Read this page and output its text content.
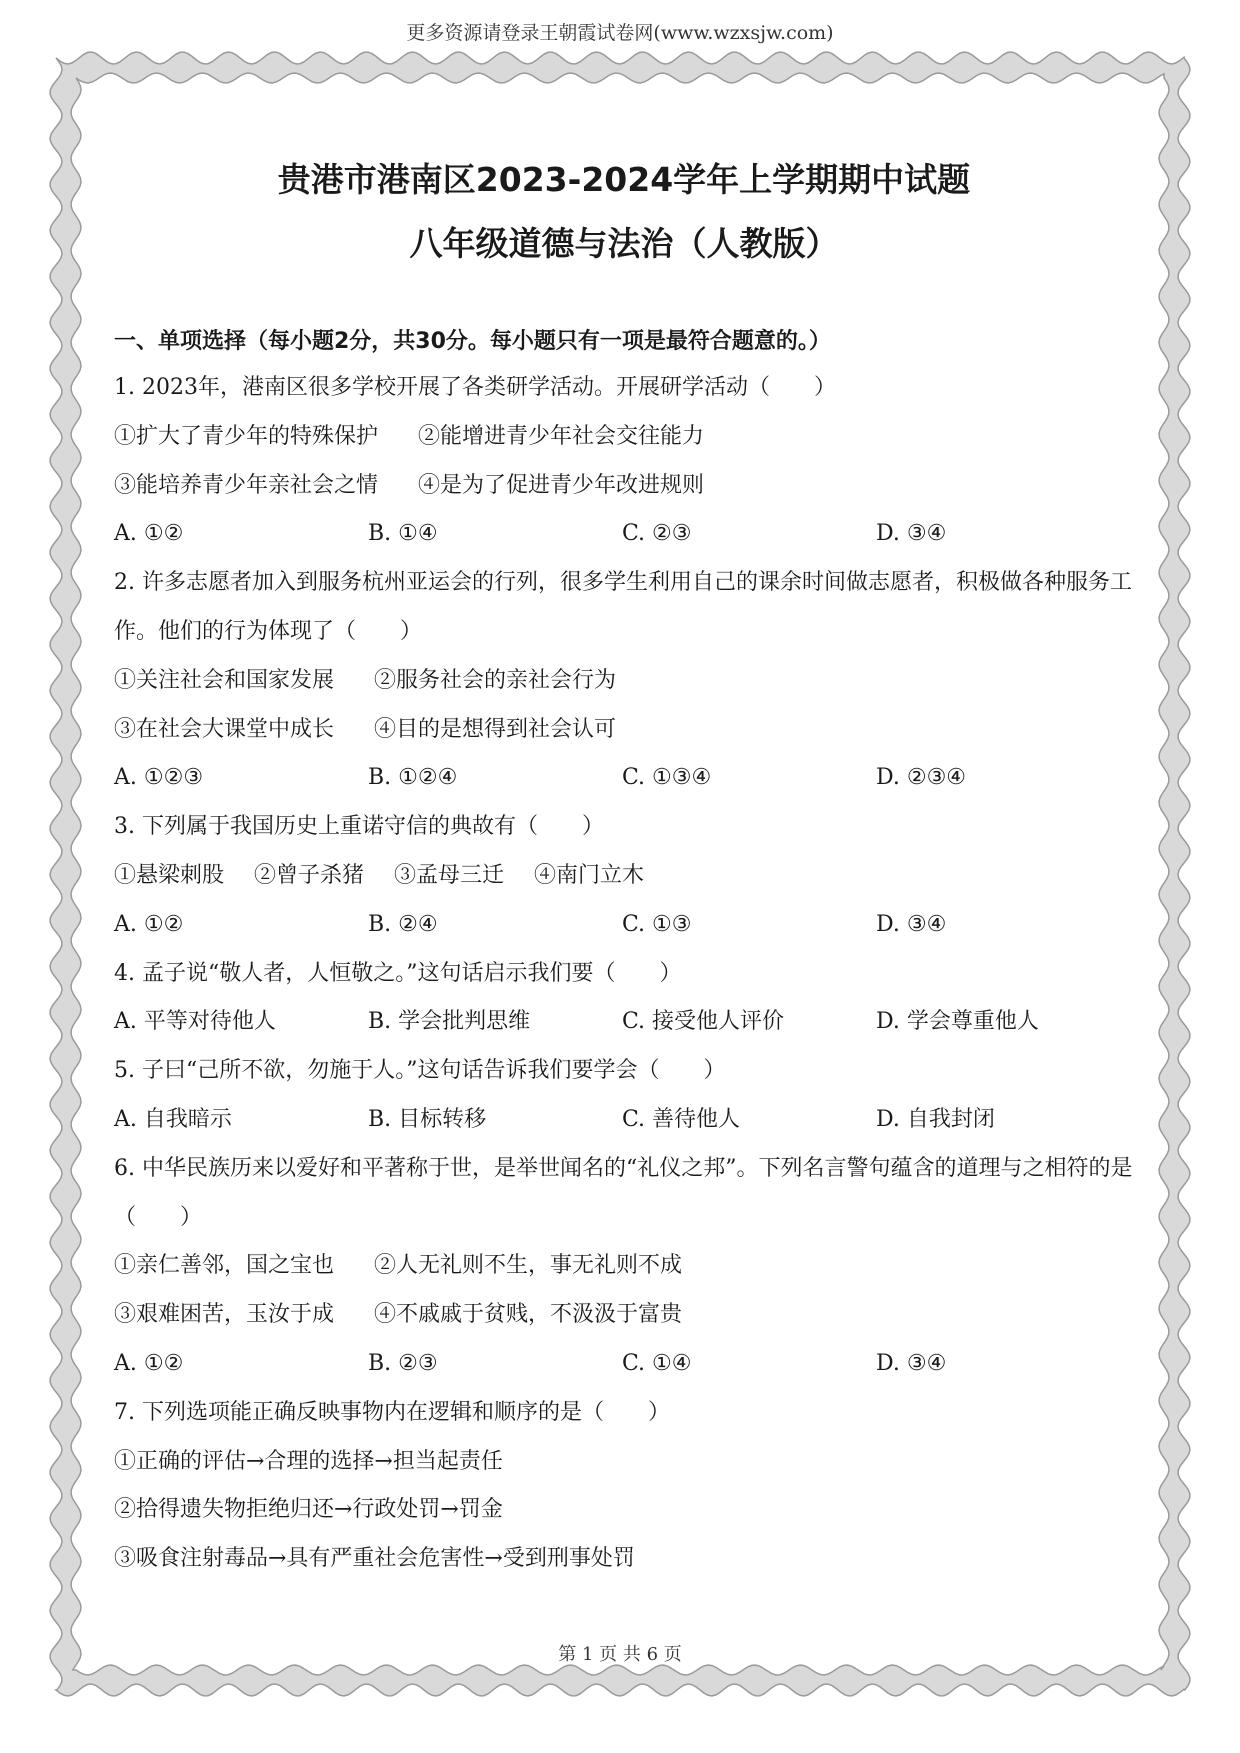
更多资源请登录王朝霞试卷网(www.wzxsjw.com)
贵港市港南区2023-2024学年上学期期中试题
八年级道德与法治（人教版）
一、单项选择（每小题2分，共30分。每小题只有一项是最符合题意的。）
1. 2023年，港南区很多学校开展了各类研学活动。开展研学活动（　　）
①扩大了青少年的特殊保护 ②能增进青少年社会交往能力
③能培养青少年亲社会之情 ④是为了促进青少年改进规则
A. ①②	B. ①④	C. ②③	D. ③④
2. 许多志愿者加入到服务杭州亚运会的行列，很多学生利用自己的课余时间做志愿者，积极做各种服务工作。他们的行为体现了（　　）
①关注社会和国家发展 ②服务社会的亲社会行为
③在社会大课堂中成长 ④目的是想得到社会认可
A. ①②③	B. ①②④	C. ①③④	D. ②③④
3. 下列属于我国历史上重诺守信的典故有（　　）
①悬梁刺股 ②曾子杀猪 ③孟母三迁 ④南门立木
A. ①②	B. ②④	C. ①③	D. ③④
4. 孟子说“敬人者，人恒敬之。”这句话启示我们要（　　）
A. 平等对待他人	B. 学会批判思维	C. 接受他人评价	D. 学会尊重他人
5. 子曰“己所不欲，勿施于人。”这句话告诉我们要学会（　　）
A. 自我暗示	B. 目标转移	C. 善待他人	D. 自我封闭
6. 中华民族历来以爱好和平著称于世，是举世闻名的“礼仪之邦”。下列名言警句蕴含的道理与之相符的是（　　）
①亲仁善邻，国之宝也 ②人无礼则不生，事无礼则不成
③艰难困苦，玉汝于成 ④不戚戚于贫贱，不汲汲于富贵
A. ①②	B. ②③	C. ①④	D. ③④
7. 下列选项能正确反映事物内在逻辑和顺序的是（　　）
①正确的评估→合理的选择→担当起责任
②拾得遗失物拒绝归还→行政处罚→罚金
③吸食注射毒品→具有严重社会危害性→受到刑事处罚
第 1 页 共 6 页
